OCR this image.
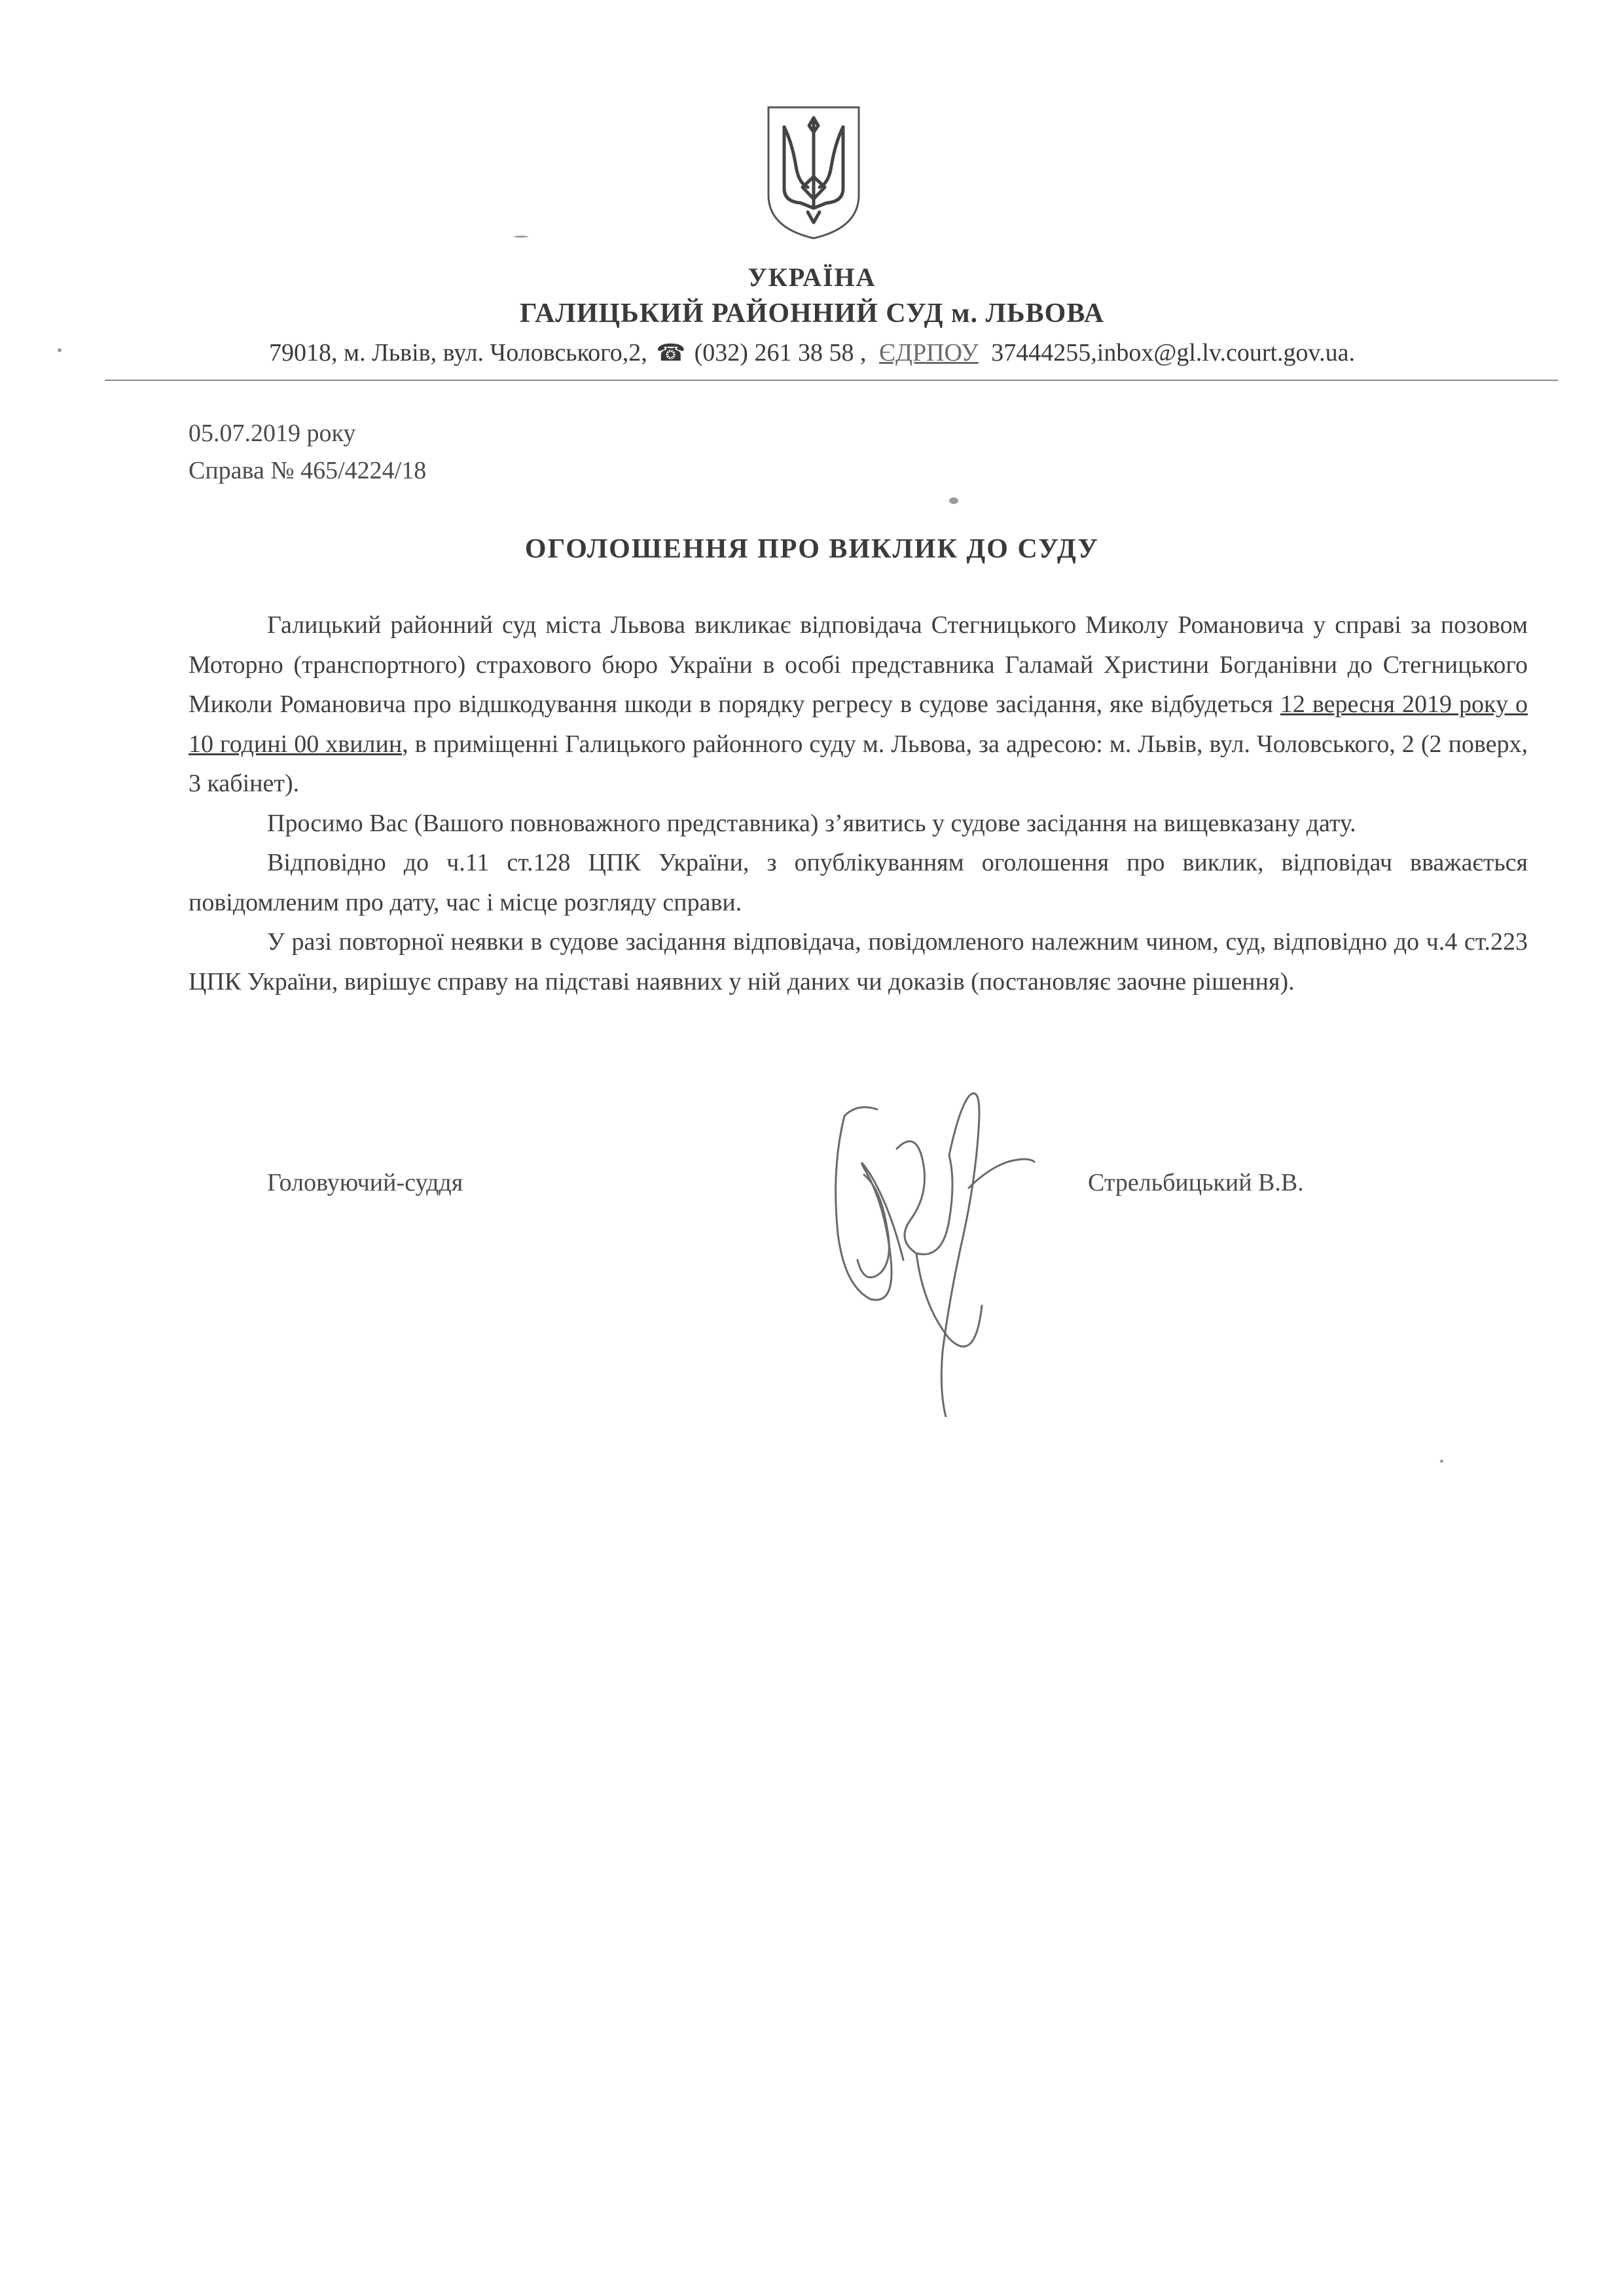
УКРАЇНА
ГАЛИЦЬКИЙ РАЙОННИЙ СУД м. ЛЬВОВА
79018, м. Львів, вул. Чоловського,2, ☎ (032) 261 38 58 , ЄДРПОУ 37444255,inbox@gl.lv.court.gov.ua.
05.07.2019 року
Справа № 465/4224/18
ОГОЛОШЕННЯ ПРО ВИКЛИК ДО СУДУ

Галицький районний суд міста Львова викликає відповідача Стегницького Миколу Романовича у справі за позовом Моторно (транспортного) страхового бюро України в особі представника Галамай Христини Богданівни до Стегницького Миколи Романовича про відшкодування шкоди в порядку регресу в судове засідання, яке відбудеться 12 вересня 2019 року о 10 годині 00 хвилин, в приміщенні Галицького районного суду м. Львова, за адресою: м. Львів, вул. Чоловського, 2 (2 поверх, 3 кабінет).

Просимо Вас (Вашого повноважного представника) з’явитись у судове засідання на вищевказану дату.

Відповідно до ч.11 ст.128 ЦПК України, з опублікуванням оголошення про виклик, відповідач вважається повідомленим про дату, час і місце розгляду справи.

У разі повторної неявки в судове засідання відповідача, повідомленого належним чином, суд, відповідно до ч.4 ст.223 ЦПК України, вирішує справу на підставі наявних у ній даних чи доказів (постановляє заочне рішення).

Головуючий-суддя	Стрельбицький В.В.
